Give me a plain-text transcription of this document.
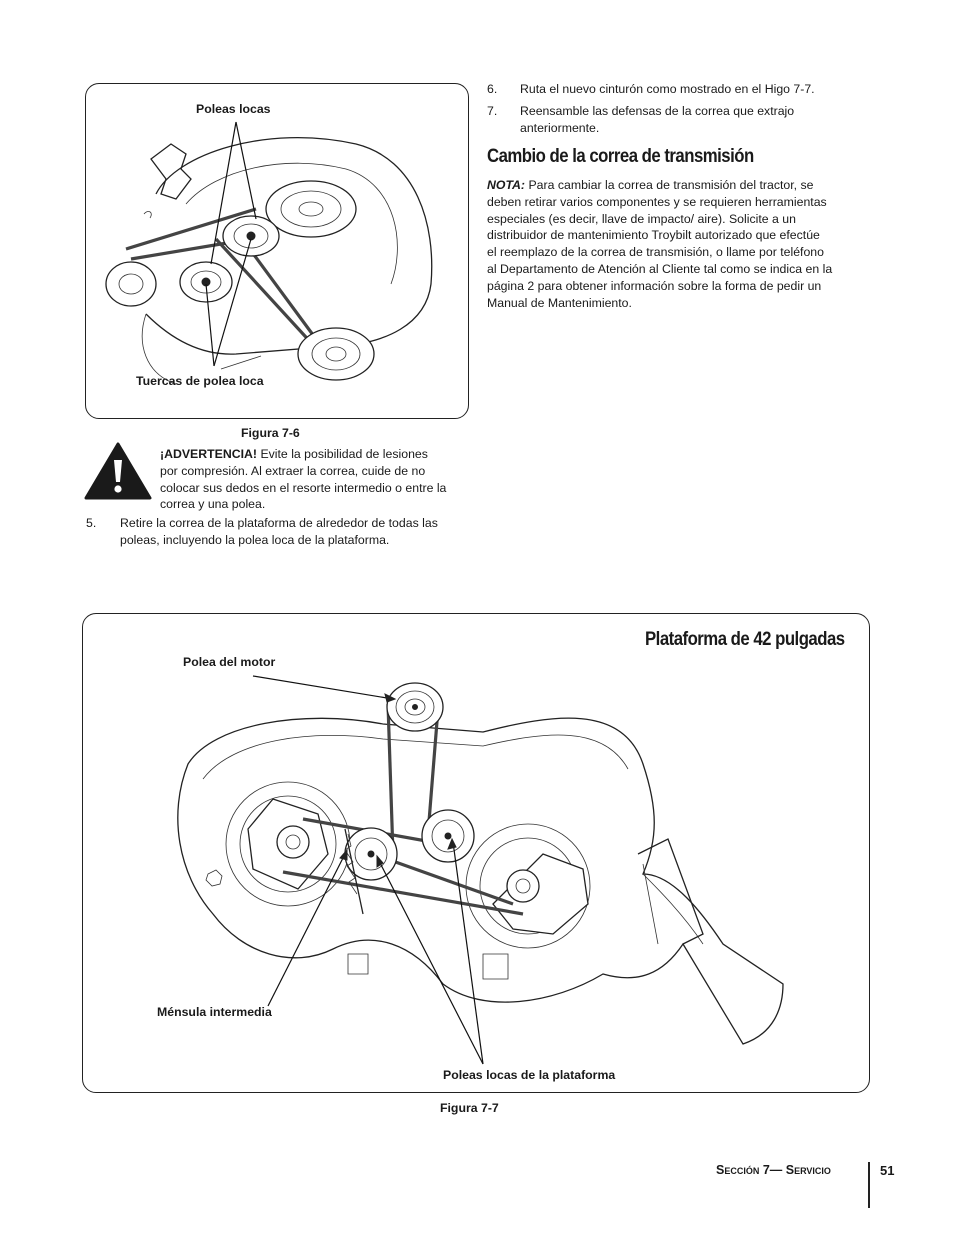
Poleas locas
Tuercas de polea loca
Figura 7-6
¡ADVERTENCIA! Evite la posibilidad de lesiones
por compresión. Al extraer la correa, cuide de no
colocar sus dedos en el resorte intermedio o entre la
correa y una polea.
5. Retire la correa de la plataforma de alrededor de todas las
poleas, incluyendo la polea loca de la plataforma.
6. Ruta el nuevo cinturón como mostrado en el Higo 7-7.
7. Reensamble las defensas de la correa que extrajo
anteriormente.
Cambio de la correa de transmisión
NOTA: Para cambiar la correa de transmisión del tractor, se
deben retirar varios componentes y se requieren herramientas
especiales (es decir, llave de impacto/ aire). Solicite a un
distribuidor de mantenimiento Troybilt autorizado que efectúe
el reemplazo de la correa de transmisión, o llame por teléfono
al Departamento de Atención al Cliente tal como se indica en la
página 2 para obtener información sobre la forma de pedir un
Manual de Mantenimiento.
Plataforma de 42 pulgadas
Polea del motor
Ménsula intermedia
Poleas locas de la plataforma
Figura 7-7
Sección 7— Servicio	51
